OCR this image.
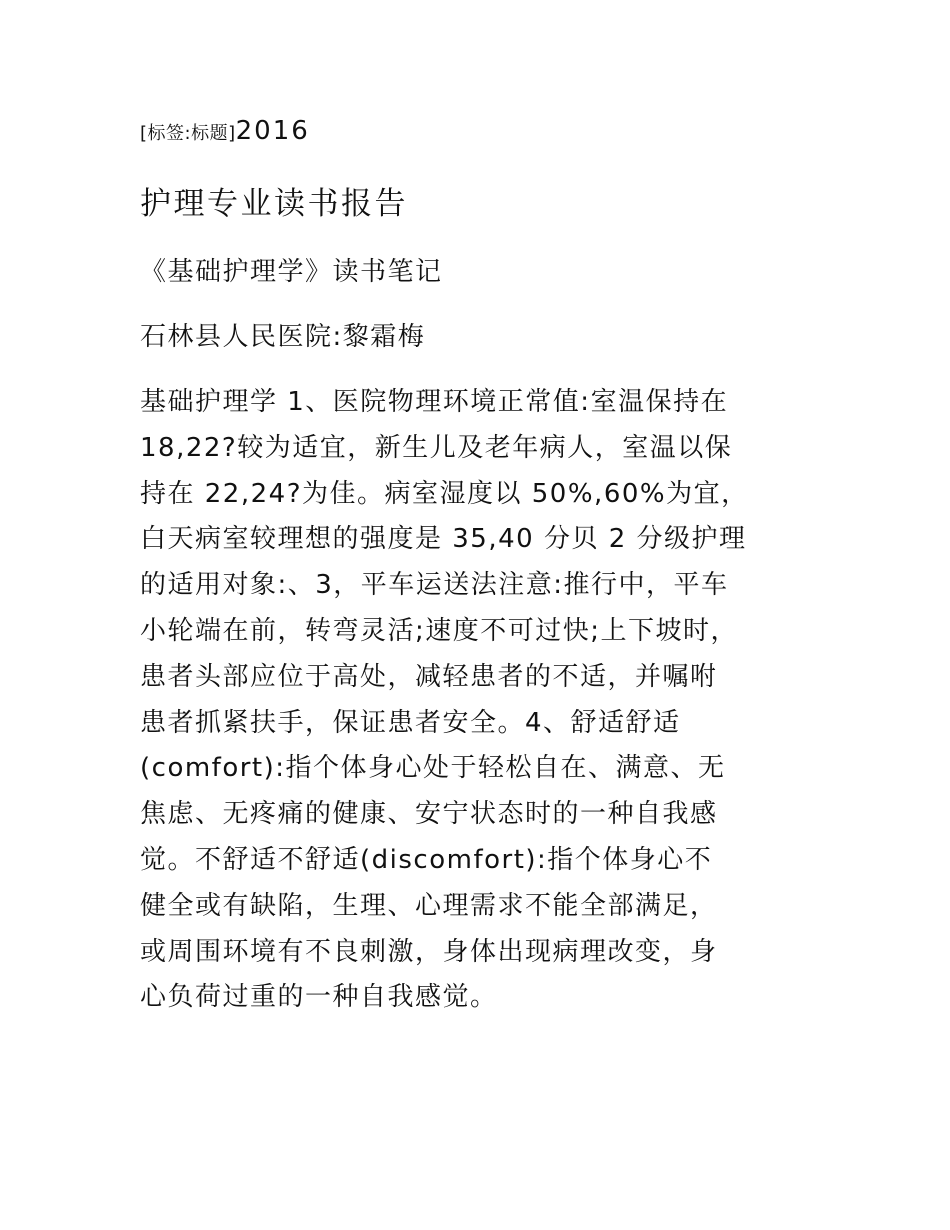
[标签:标题]2016
护理专业读书报告
《基础护理学》读书笔记
石林县人民医院:黎霜梅
基础护理学 1、医院物理环境正常值:室温保持在
18,22?较为适宜，新生儿及老年病人，室温以保
持在 22,24?为佳。病室湿度以 50%,60%为宜，
白天病室较理想的强度是 35,40 分贝 2 分级护理
的适用对象:、3，平车运送法注意:推行中，平车
小轮端在前，转弯灵活;速度不可过快;上下坡时，
患者头部应位于高处，减轻患者的不适，并嘱咐
患者抓紧扶手，保证患者安全。4、舒适舒适
(comfort):指个体身心处于轻松自在、满意、无
焦虑、无疼痛的健康、安宁状态时的一种自我感
觉。不舒适不舒适(discomfort):指个体身心不
健全或有缺陷，生理、心理需求不能全部满足，
或周围环境有不良刺激，身体出现病理改变，身
心负荷过重的一种自我感觉。
